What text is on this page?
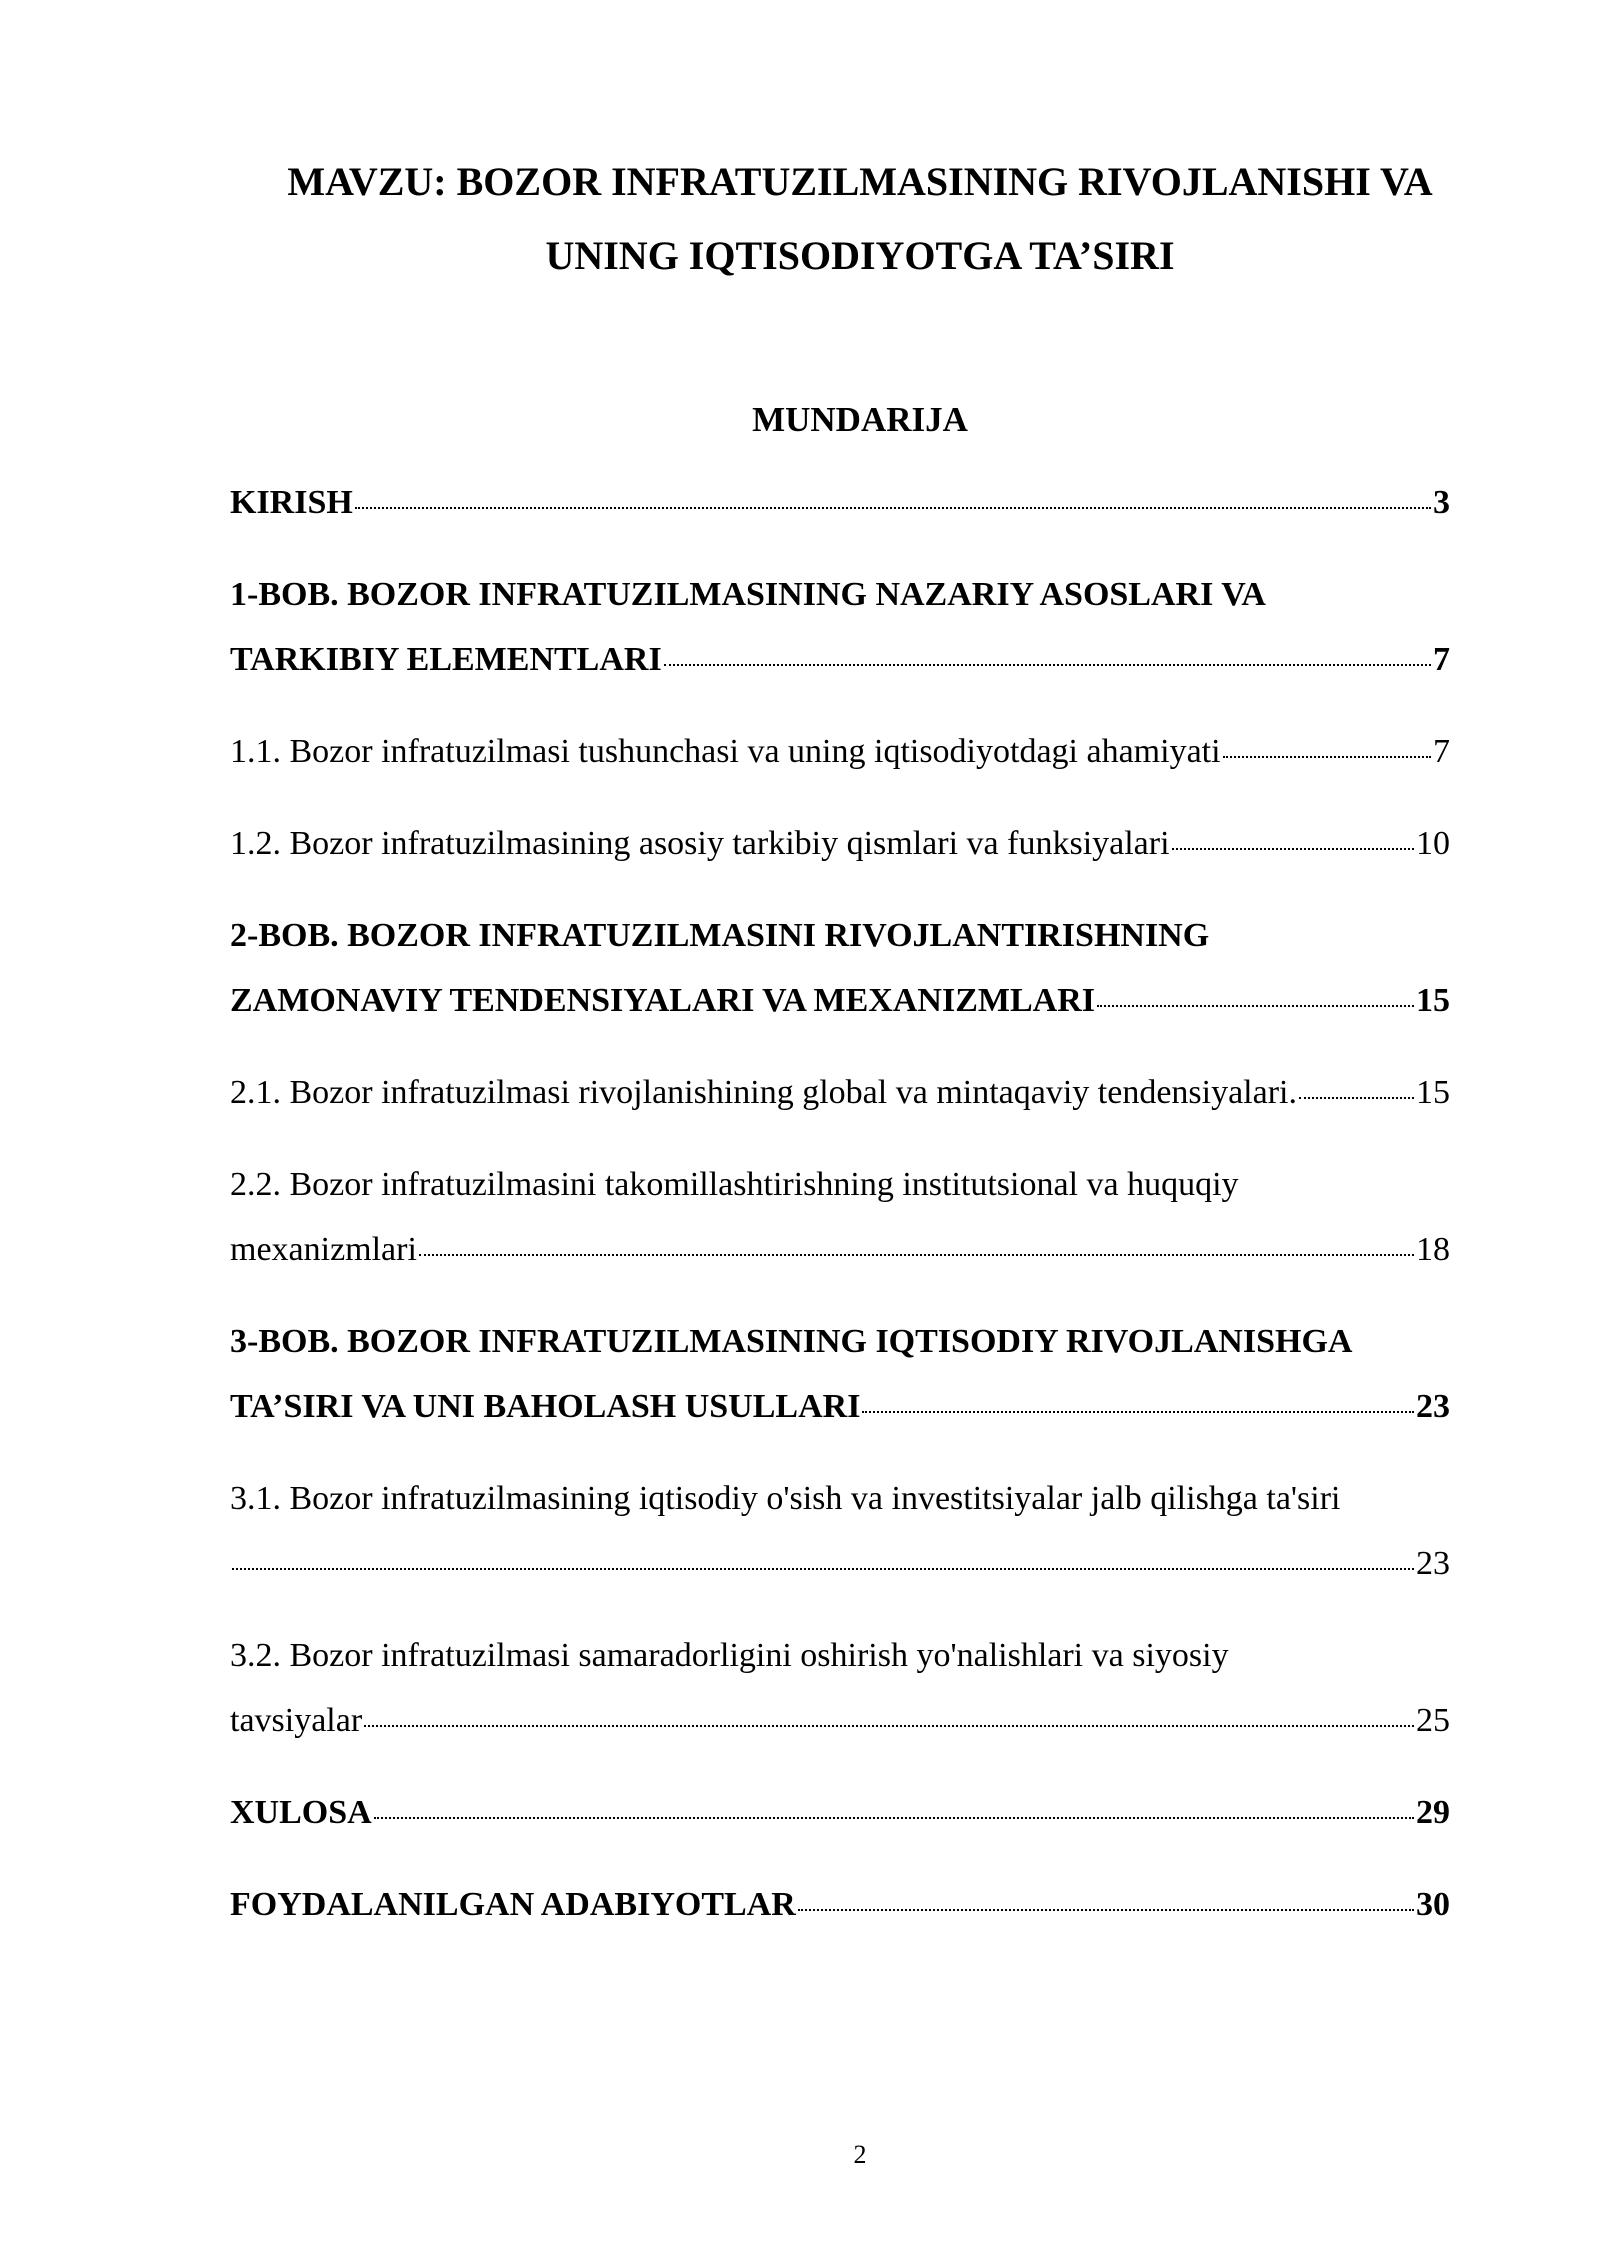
MAVZU: BOZOR INFRATUZILMASINING RIVOJLANISHI VA
UNING IQTISODIYOTGA TA’SIRI
MUNDARIJA
KIRISH	3
1-BOB. BOZOR INFRATUZILMASINING NAZARIY ASOSLARI VA
TARKIBIY ELEMENTLARI	7
1.1. Bozor infratuzilmasi tushunchasi va uning iqtisodiyotdagi ahamiyati	7
1.2. Bozor infratuzilmasining asosiy tarkibiy qismlari va funksiyalari	10
2-BOB. BOZOR INFRATUZILMASINI RIVOJLANTIRISHNING
ZAMONAVIY TENDENSIYALARI VA MEXANIZMLARI	15
2.1. Bozor infratuzilmasi rivojlanishining global va mintaqaviy tendensiyalari.	15
2.2. Bozor infratuzilmasini takomillashtirishning institutsional va huquqiy
mexanizmlari	18
3-BOB. BOZOR INFRATUZILMASINING IQTISODIY RIVOJLANISHGA
TA’SIRI VA UNI BAHOLASH USULLARI	23
3.1. Bozor infratuzilmasining iqtisodiy o'sish va investitsiyalar jalb qilishga ta'siri
23
3.2. Bozor infratuzilmasi samaradorligini oshirish yo'nalishlari va siyosiy
tavsiyalar	25
XULOSA	29
FOYDALANILGAN ADABIYOTLAR	30
2
